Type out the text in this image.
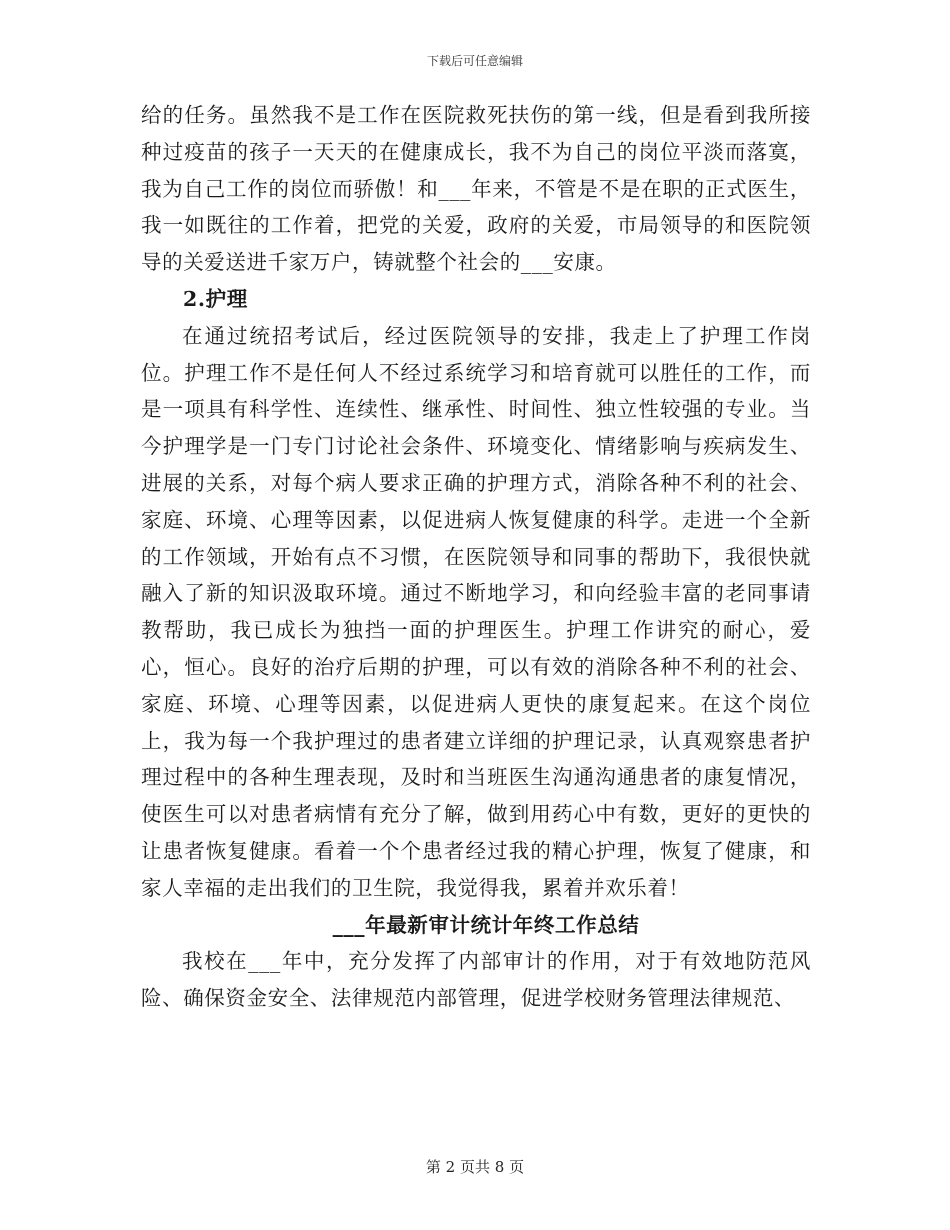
下载后可任意编辑

给的任务。虽然我不是工作在医院救死扶伤的第一线，但是看到我所接种过疫苗的孩子一天天的在健康成长，我不为自己的岗位平淡而落寞，我为自己工作的岗位而骄傲！和___年来，不管是不是在职的正式医生，我一如既往的工作着，把党的关爱，政府的关爱，市局领导的和医院领导的关爱送进千家万户，铸就整个社会的___安康。

2.护理

在通过统招考试后，经过医院领导的安排，我走上了护理工作岗位。护理工作不是任何人不经过系统学习和培育就可以胜任的工作，而是一项具有科学性、连续性、继承性、时间性、独立性较强的专业。当今护理学是一门专门讨论社会条件、环境变化、情绪影响与疾病发生、进展的关系，对每个病人要求正确的护理方式，消除各种不利的社会、家庭、环境、心理等因素，以促进病人恢复健康的科学。走进一个全新的工作领域，开始有点不习惯，在医院领导和同事的帮助下，我很快就融入了新的知识汲取环境。通过不断地学习，和向经验丰富的老同事请教帮助，我已成长为独挡一面的护理医生。护理工作讲究的耐心，爱心，恒心。良好的治疗后期的护理，可以有效的消除各种不利的社会、家庭、环境、心理等因素，以促进病人更快的康复起来。在这个岗位上，我为每一个我护理过的患者建立详细的护理记录，认真观察患者护理过程中的各种生理表现，及时和当班医生沟通沟通患者的康复情况，使医生可以对患者病情有充分了解，做到用药心中有数，更好的更快的让患者恢复健康。看着一个个患者经过我的精心护理，恢复了健康，和家人幸福的走出我们的卫生院，我觉得我，累着并欢乐着！

___年最新审计统计年终工作总结

我校在___年中，充分发挥了内部审计的作用，对于有效地防范风险、确保资金安全、法律规范内部管理，促进学校财务管理法律规范、

第 2 页共 8 页
